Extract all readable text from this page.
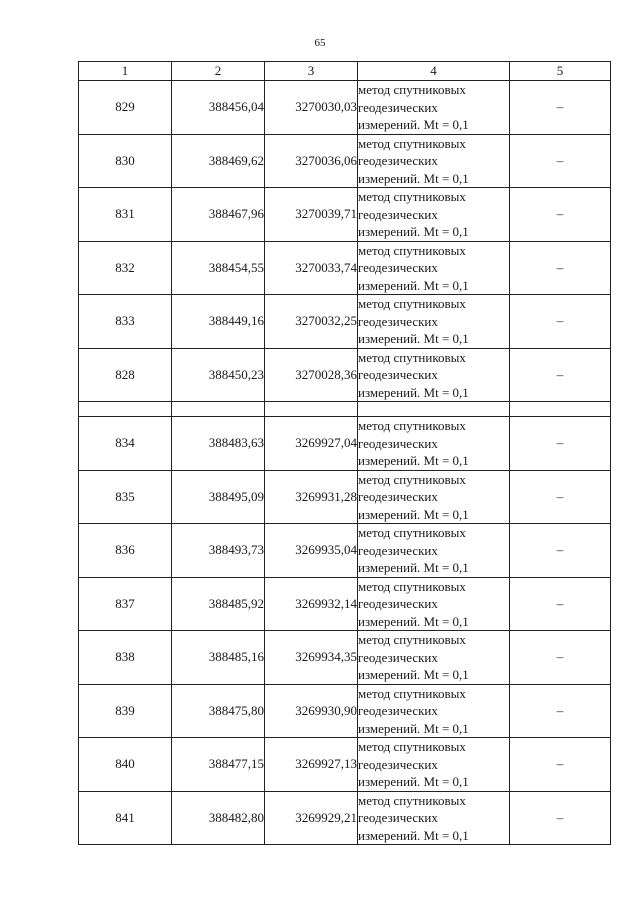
65
1	2	3	4	5
829	388456,04	3270030,03	метод спутниковых
геодезических
измерений. Mt = 0,1	–
830	388469,62	3270036,06	метод спутниковых
геодезических
измерений. Mt = 0,1	–
831	388467,96	3270039,71	метод спутниковых
геодезических
измерений. Mt = 0,1	–
832	388454,55	3270033,74	метод спутниковых
геодезических
измерений. Mt = 0,1	–
833	388449,16	3270032,25	метод спутниковых
геодезических
измерений. Mt = 0,1	–
828	388450,23	3270028,36	метод спутниковых
геодезических
измерений. Mt = 0,1	–

834	388483,63	3269927,04	метод спутниковых
геодезических
измерений. Mt = 0,1	–
835	388495,09	3269931,28	метод спутниковых
геодезических
измерений. Mt = 0,1	–
836	388493,73	3269935,04	метод спутниковых
геодезических
измерений. Mt = 0,1	–
837	388485,92	3269932,14	метод спутниковых
геодезических
измерений. Mt = 0,1	–
838	388485,16	3269934,35	метод спутниковых
геодезических
измерений. Mt = 0,1	–
839	388475,80	3269930,90	метод спутниковых
геодезических
измерений. Mt = 0,1	–
840	388477,15	3269927,13	метод спутниковых
геодезических
измерений. Mt = 0,1	–
841	388482,80	3269929,21	метод спутниковых
геодезических
измерений. Mt = 0,1	–
